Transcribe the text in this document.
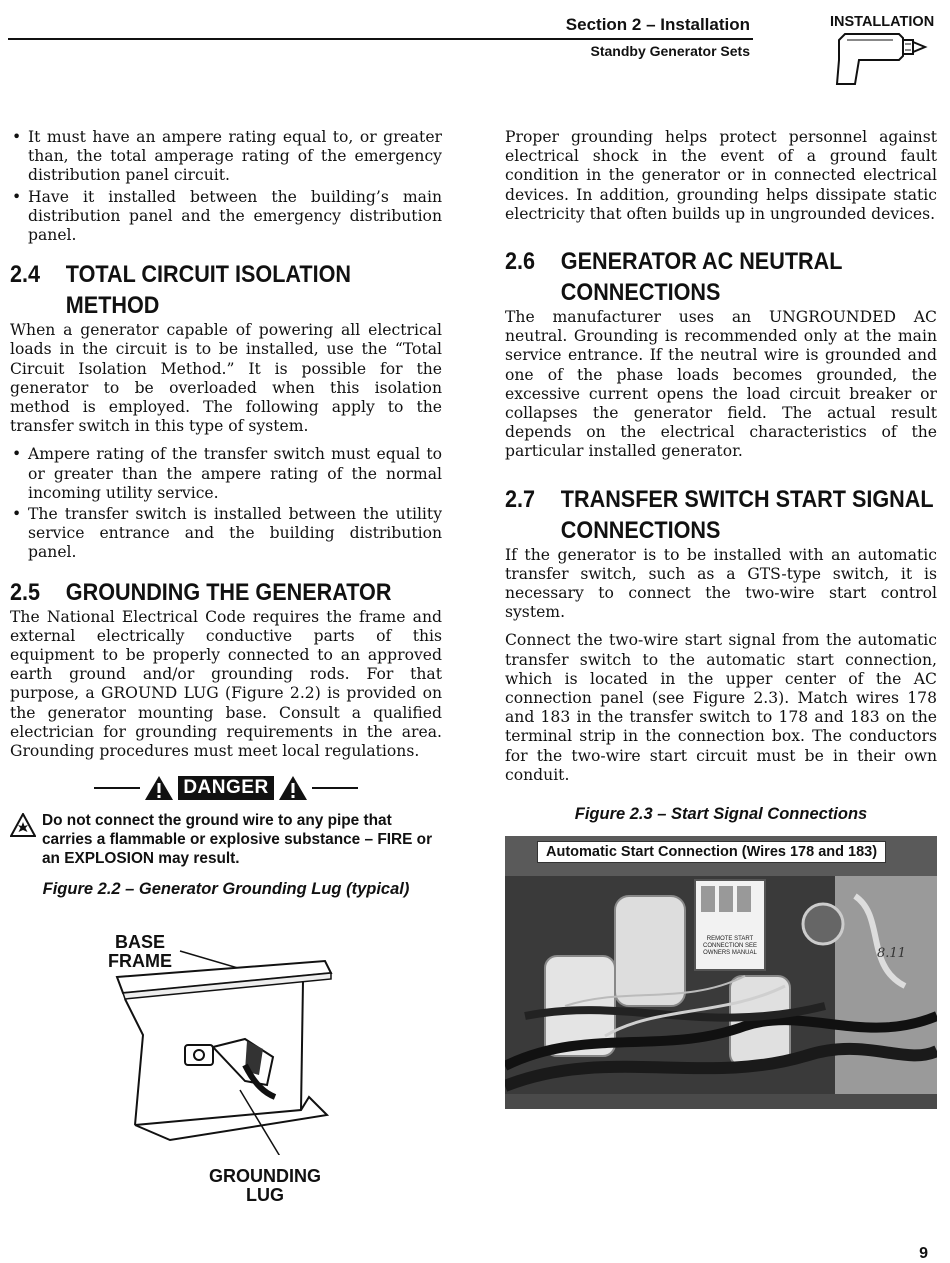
Section 2 – Installation
Standby Generator Sets
INSTALLATION
• It must have an ampere rating equal to, or greater than, the total amperage rating of the emergency distribution panel circuit.
• Have it installed between the building’s main distribution panel and the emergency distribution panel.
2.4	TOTAL CIRCUIT ISOLATION METHOD

When a generator capable of powering all electrical loads in the circuit is to be installed, use the “Total Circuit Isolation Method.” It is possible for the generator to be overloaded when this isolation method is employed. The following apply to the transfer switch in this type of system.

• Ampere rating of the transfer switch must equal to or greater than the ampere rating of the normal incoming utility service.
• The transfer switch is installed between the utility service entrance and the building distribution panel.
2.5	GROUNDING THE GENERATOR

The National Electrical Code requires the frame and external electrically conductive parts of this equipment to be properly connected to an approved earth ground and/or grounding rods. For that purpose, a GROUND LUG (Figure 2.2) is provided on the generator mounting base. Consult a qualified electrician for grounding requirements in the area. Grounding procedures must meet local regulations.

DANGER
Do not connect the ground wire to any pipe that carries a flammable or explosive substance – FIRE or an EXPLOSION may result.
Figure 2.2 – Generator Grounding Lug (typical)
BASE
FRAME
GROUNDING
LUG

Proper grounding helps protect personnel against electrical shock in the event of a ground fault condition in the generator or in connected electrical devices. In addition, grounding helps dissipate static electricity that often builds up in ungrounded devices.

2.6	GENERATOR AC NEUTRAL CONNECTIONS

The manufacturer uses an UNGROUNDED AC neutral. Grounding is recommended only at the main service entrance. If the neutral wire is grounded and one of the phase loads becomes grounded, the excessive current opens the load circuit breaker or collapses the generator field. The actual result depends on the electrical characteristics of the particular installed generator.

2.7	TRANSFER SWITCH START SIGNAL CONNECTIONS

If the generator is to be installed with an automatic transfer switch, such as a GTS-type switch, it is necessary to connect the two-wire start control system.

Connect the two-wire start signal from the automatic transfer switch to the automatic start connection, which is located in the upper center of the AC connection panel (see Figure 2.3). Match wires 178 and 183 in the transfer switch to 178 and 183 on the terminal strip in the connection box. The conductors for the two-wire start circuit must be in their own conduit.

Figure 2.3 – Start Signal Connections
Automatic Start Connection (Wires 178 and 183)
REMOTE START
CONNECTION SEE
OWNERS MANUAL	8.11
9
